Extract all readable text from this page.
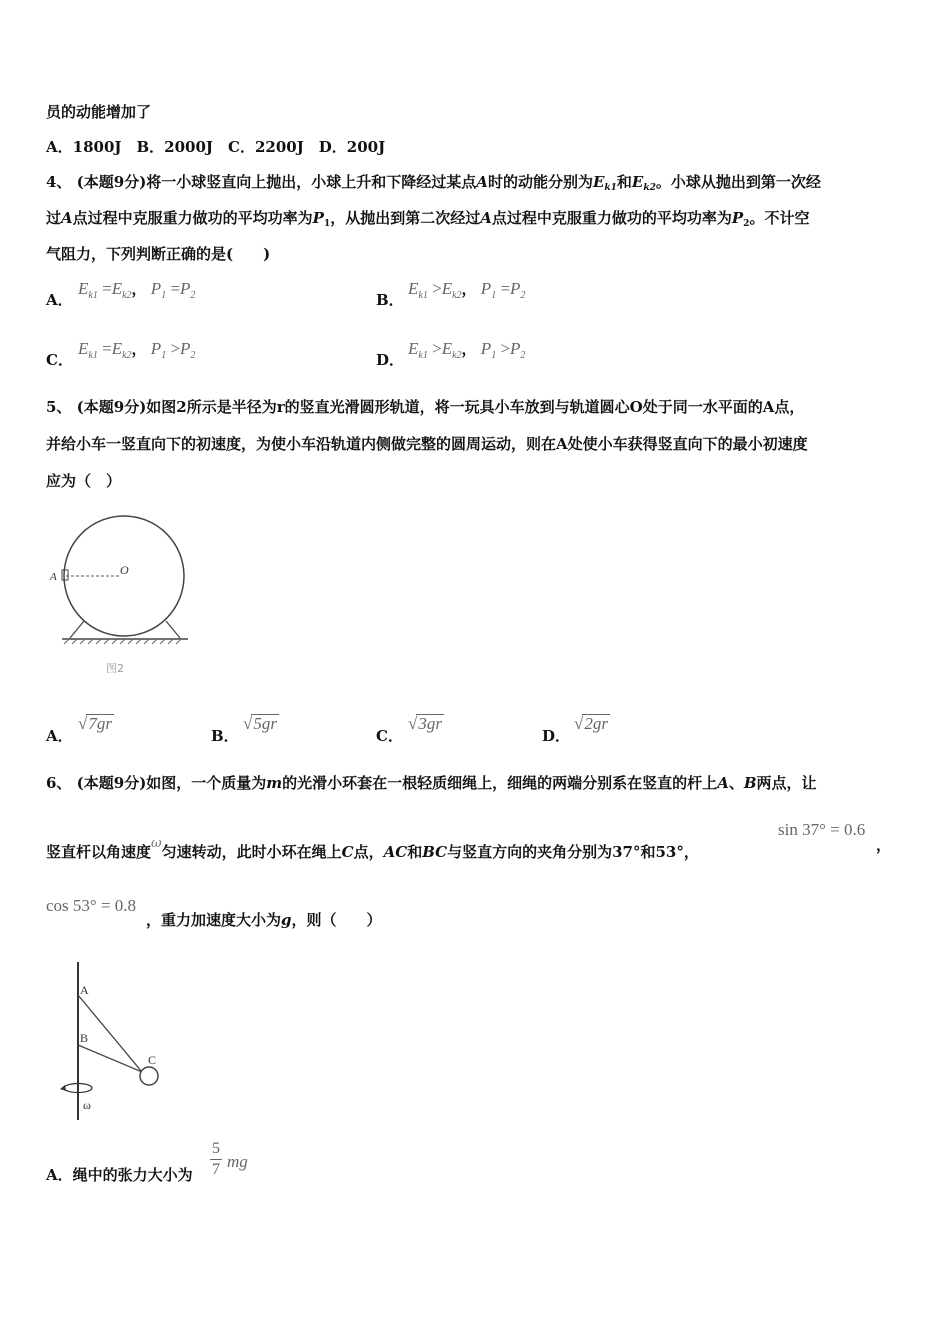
员的动能增加了
A．1800J　B．2000J　C．2200J　D．200J
4、 (本题9分)将一小球竖直向上抛出，小球上升和下降经过某点A时的动能分别为$E_{k1}$和$E_{k2}$。小球从抛出到第一次经
过A点过程中克服重力做功的平均功率为$P_1$，从抛出到第二次经过A点过程中克服重力做功的平均功率为$P_2$。不计空
气阻力，下列判断正确的是(　　)
A．
$E_{k1} =E_{k2}$， $P_1 =P_2$	B．
$E_{k1} >E_{k2}$， $P_1 =P_2$
C．
$E_{k1} =E_{k2}$， $P_1 >P_2$	D．
$E_{k1} >E_{k2}$， $P_1 >P_2$
5、 (本题9分)如图2所示是半径为r的竖直光滑圆形轨道，将一玩具小车放到与轨道圆心O处于同一水平面的A点，
并给小车一竖直向下的初速度，为使小车沿轨道内侧做完整的圆周运动，则在A处使小车获得竖直向下的最小初速度
应为（　）
A	O
图2
A．
√7gr
B．
√5gr
C．
√3gr
D．
√2gr
6、 (本题9分)如图，一个质量为m的光滑小环套在一根轻质细绳上，细绳的两端分别系在竖直的杆上A、B两点，让
竖直杆以角速度ω匀速转动，此时小环在绳上C点，AC和BC与竖直方向的夹角分别为37°和53°，
sin 37° = 0.6
，
cos 53° = 0.8
，重力加速度大小为g，则（　　）
A
B
C
ω
A．绳中的张力大小为
5
7 mg
